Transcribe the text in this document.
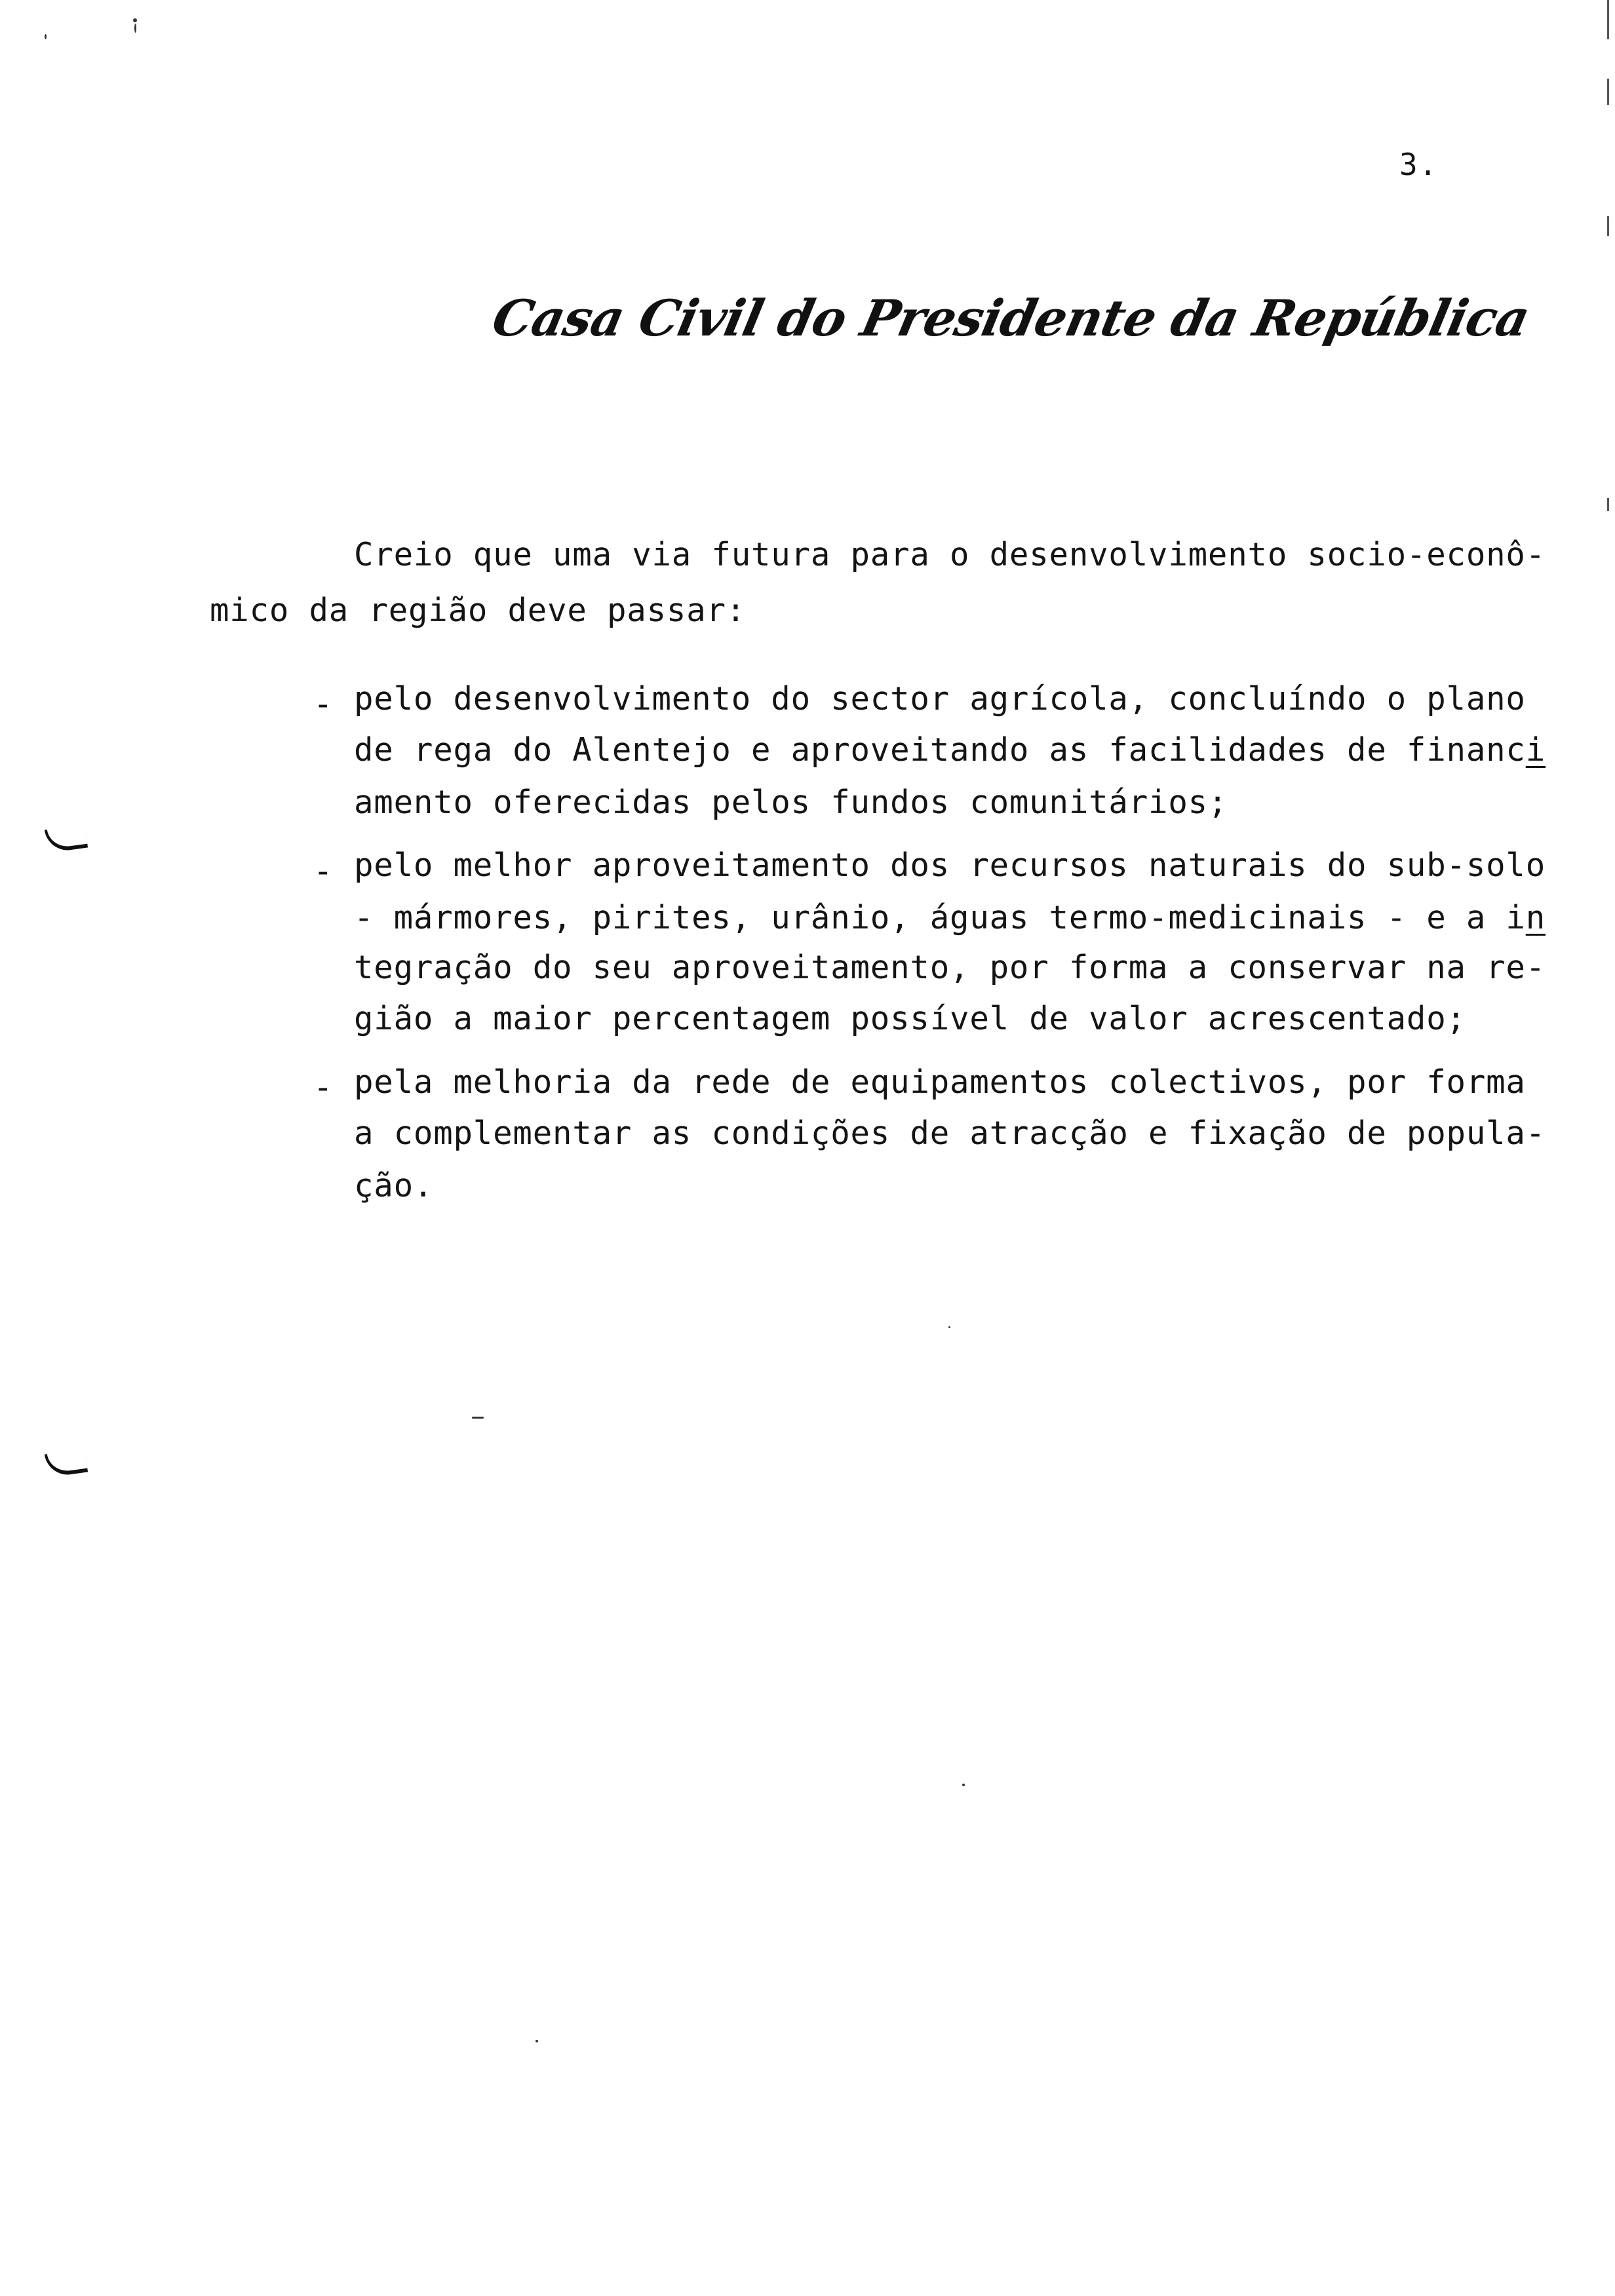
3.
Casa Civil do Presidente da República
Creio que uma via futura para o desenvolvimento socio-econô-
mico da região deve passar:
- pelo desenvolvimento do sector agrícola, concluíndo o plano
de rega do Alentejo e aproveitando as facilidades de financi
amento oferecidas pelos fundos comunitários;
- pelo melhor aproveitamento dos recursos naturais do sub-solo
- mármores, pirites, urânio, águas termo-medicinais - e a in
tegração do seu aproveitamento, por forma a conservar na re-
gião a maior percentagem possível de valor acrescentado;
- pela melhoria da rede de equipamentos colectivos, por forma
a complementar as condições de atracção e fixação de popula-
ção.
